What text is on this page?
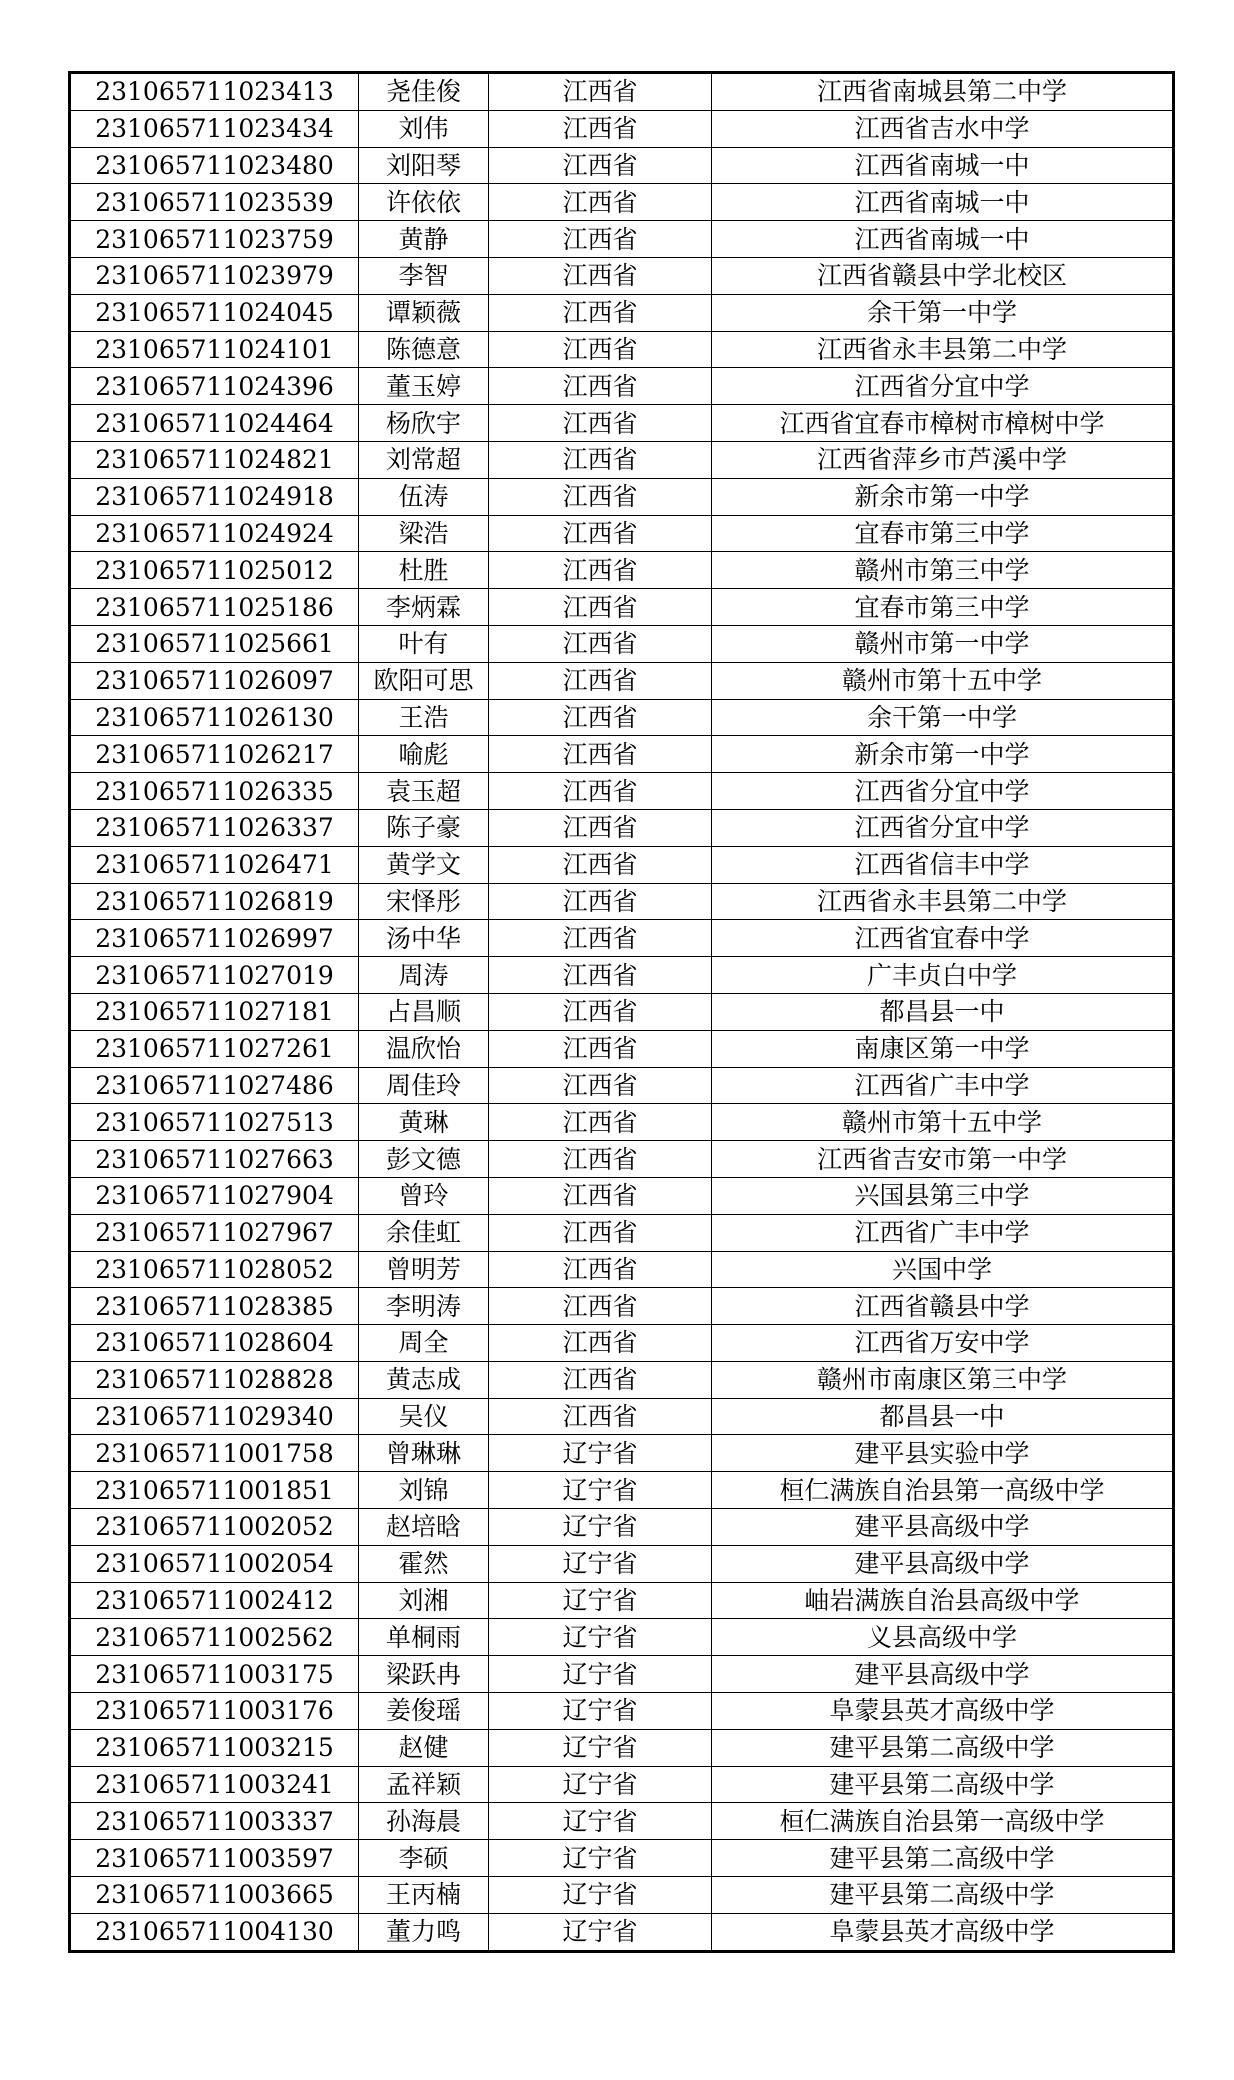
231065711023413	尧佳俊	江西省	江西省南城县第二中学
231065711023434	刘伟	江西省	江西省吉水中学
231065711023480	刘阳琴	江西省	江西省南城一中
231065711023539	许依依	江西省	江西省南城一中
231065711023759	黄静	江西省	江西省南城一中
231065711023979	李智	江西省	江西省赣县中学北校区
231065711024045	谭颖薇	江西省	余干第一中学
231065711024101	陈德意	江西省	江西省永丰县第二中学
231065711024396	董玉婷	江西省	江西省分宜中学
231065711024464	杨欣宇	江西省	江西省宜春市樟树市樟树中学
231065711024821	刘常超	江西省	江西省萍乡市芦溪中学
231065711024918	伍涛	江西省	新余市第一中学
231065711024924	梁浩	江西省	宜春市第三中学
231065711025012	杜胜	江西省	赣州市第三中学
231065711025186	李炳霖	江西省	宜春市第三中学
231065711025661	叶有	江西省	赣州市第一中学
231065711026097	欧阳可思	江西省	赣州市第十五中学
231065711026130	王浩	江西省	余干第一中学
231065711026217	喻彪	江西省	新余市第一中学
231065711026335	袁玉超	江西省	江西省分宜中学
231065711026337	陈子豪	江西省	江西省分宜中学
231065711026471	黄学文	江西省	江西省信丰中学
231065711026819	宋怿彤	江西省	江西省永丰县第二中学
231065711026997	汤中华	江西省	江西省宜春中学
231065711027019	周涛	江西省	广丰贞白中学
231065711027181	占昌顺	江西省	都昌县一中
231065711027261	温欣怡	江西省	南康区第一中学
231065711027486	周佳玲	江西省	江西省广丰中学
231065711027513	黄琳	江西省	赣州市第十五中学
231065711027663	彭文德	江西省	江西省吉安市第一中学
231065711027904	曾玲	江西省	兴国县第三中学
231065711027967	余佳虹	江西省	江西省广丰中学
231065711028052	曾明芳	江西省	兴国中学
231065711028385	李明涛	江西省	江西省赣县中学
231065711028604	周全	江西省	江西省万安中学
231065711028828	黄志成	江西省	赣州市南康区第三中学
231065711029340	吴仪	江西省	都昌县一中
231065711001758	曾琳琳	辽宁省	建平县实验中学
231065711001851	刘锦	辽宁省	桓仁满族自治县第一高级中学
231065711002052	赵培晗	辽宁省	建平县高级中学
231065711002054	霍然	辽宁省	建平县高级中学
231065711002412	刘湘	辽宁省	岫岩满族自治县高级中学
231065711002562	单桐雨	辽宁省	义县高级中学
231065711003175	梁跃冉	辽宁省	建平县高级中学
231065711003176	姜俊瑶	辽宁省	阜蒙县英才高级中学
231065711003215	赵健	辽宁省	建平县第二高级中学
231065711003241	孟祥颖	辽宁省	建平县第二高级中学
231065711003337	孙海晨	辽宁省	桓仁满族自治县第一高级中学
231065711003597	李硕	辽宁省	建平县第二高级中学
231065711003665	王丙楠	辽宁省	建平县第二高级中学
231065711004130	董力鸣	辽宁省	阜蒙县英才高级中学
